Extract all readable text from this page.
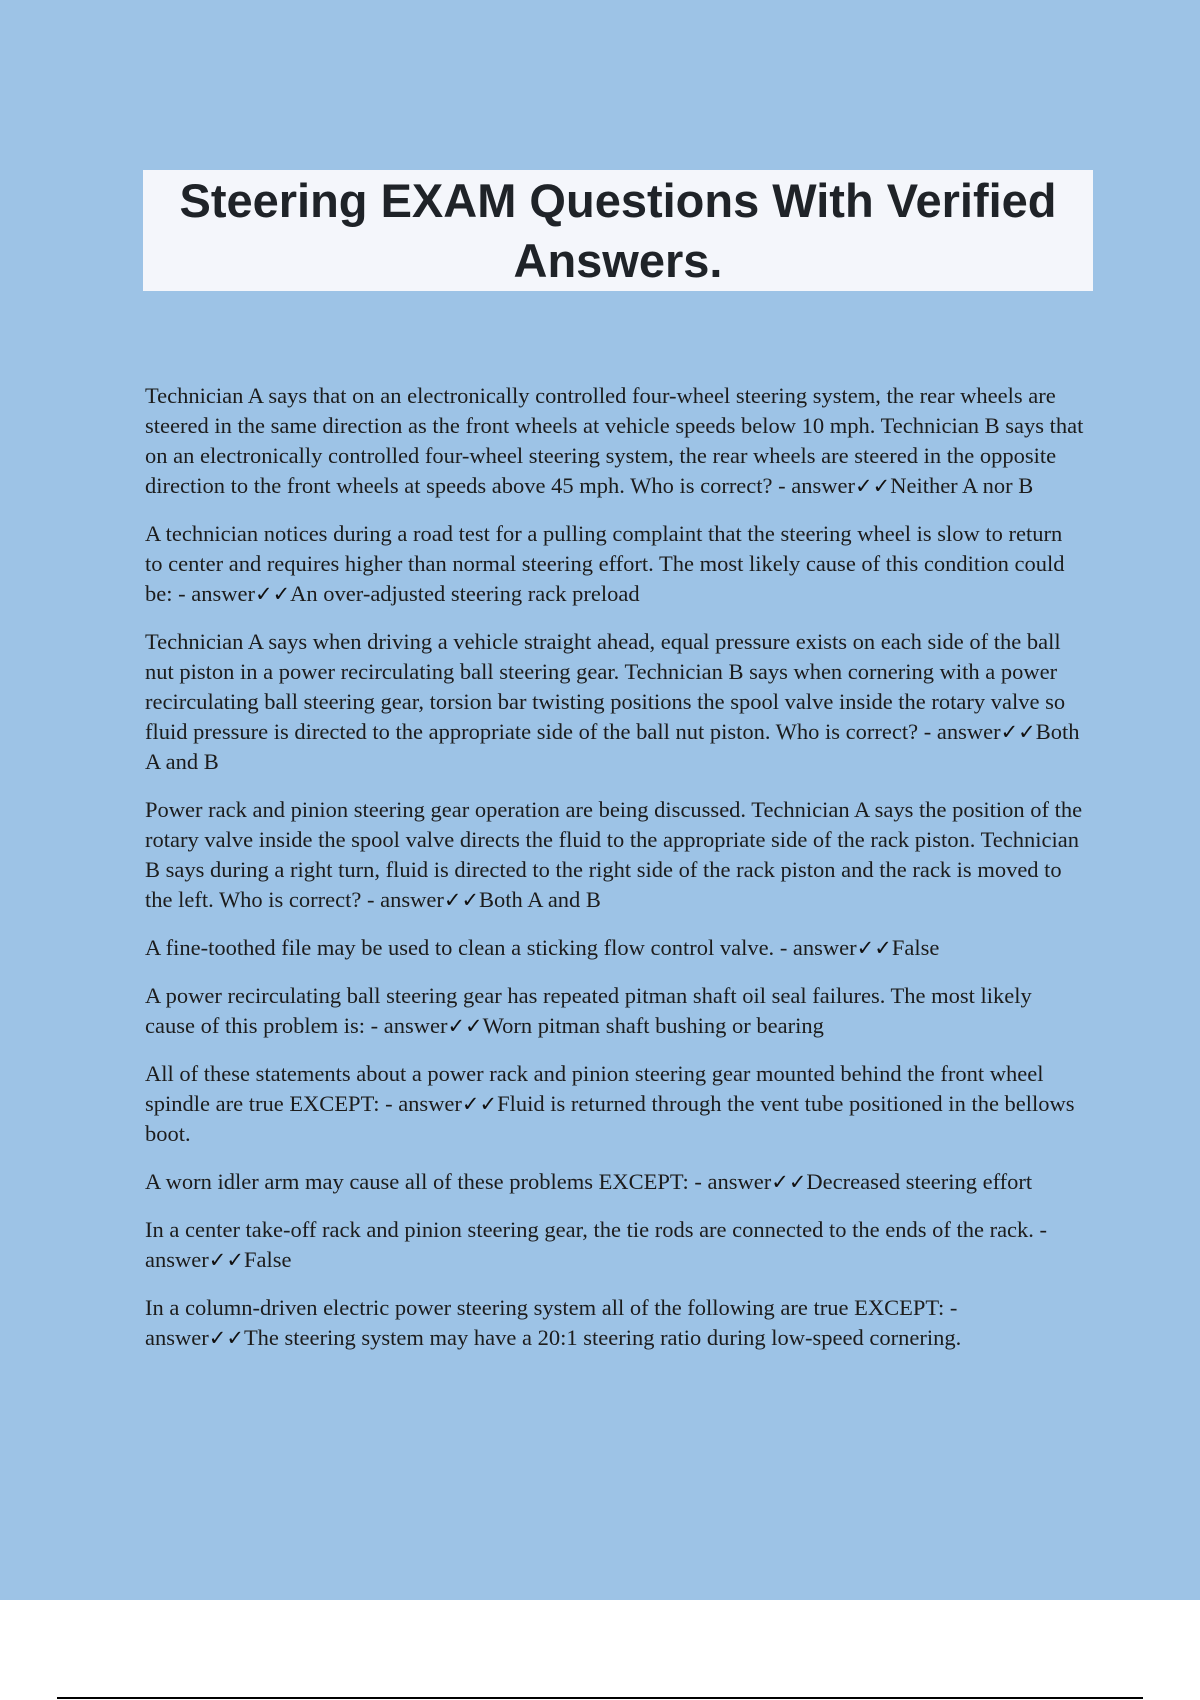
Steering EXAM Questions With Verified Answers.
Technician A says that on an electronically controlled four-wheel steering system, the rear wheels are steered in the same direction as the front wheels at vehicle speeds below 10 mph. Technician B says that on an electronically controlled four-wheel steering system, the rear wheels are steered in the opposite direction to the front wheels at speeds above 45 mph. Who is correct? - answer✓✓Neither A nor B
A technician notices during a road test for a pulling complaint that the steering wheel is slow to return to center and requires higher than normal steering effort. The most likely cause of this condition could be: - answer✓✓An over-adjusted steering rack preload
Technician A says when driving a vehicle straight ahead, equal pressure exists on each side of the ball nut piston in a power recirculating ball steering gear. Technician B says when cornering with a power recirculating ball steering gear, torsion bar twisting positions the spool valve inside the rotary valve so fluid pressure is directed to the appropriate side of the ball nut piston. Who is correct? - answer✓✓Both A and B
Power rack and pinion steering gear operation are being discussed. Technician A says the position of the rotary valve inside the spool valve directs the fluid to the appropriate side of the rack piston. Technician B says during a right turn, fluid is directed to the right side of the rack piston and the rack is moved to the left. Who is correct? - answer✓✓Both A and B
A fine-toothed file may be used to clean a sticking flow control valve. - answer✓✓False
A power recirculating ball steering gear has repeated pitman shaft oil seal failures. The most likely cause of this problem is: - answer✓✓Worn pitman shaft bushing or bearing
All of these statements about a power rack and pinion steering gear mounted behind the front wheel spindle are true EXCEPT: - answer✓✓Fluid is returned through the vent tube positioned in the bellows boot.
A worn idler arm may cause all of these problems EXCEPT: - answer✓✓Decreased steering effort
In a center take-off rack and pinion steering gear, the tie rods are connected to the ends of the rack. - answer✓✓False
In a column-driven electric power steering system all of the following are true EXCEPT: - answer✓✓The steering system may have a 20:1 steering ratio during low-speed cornering.
